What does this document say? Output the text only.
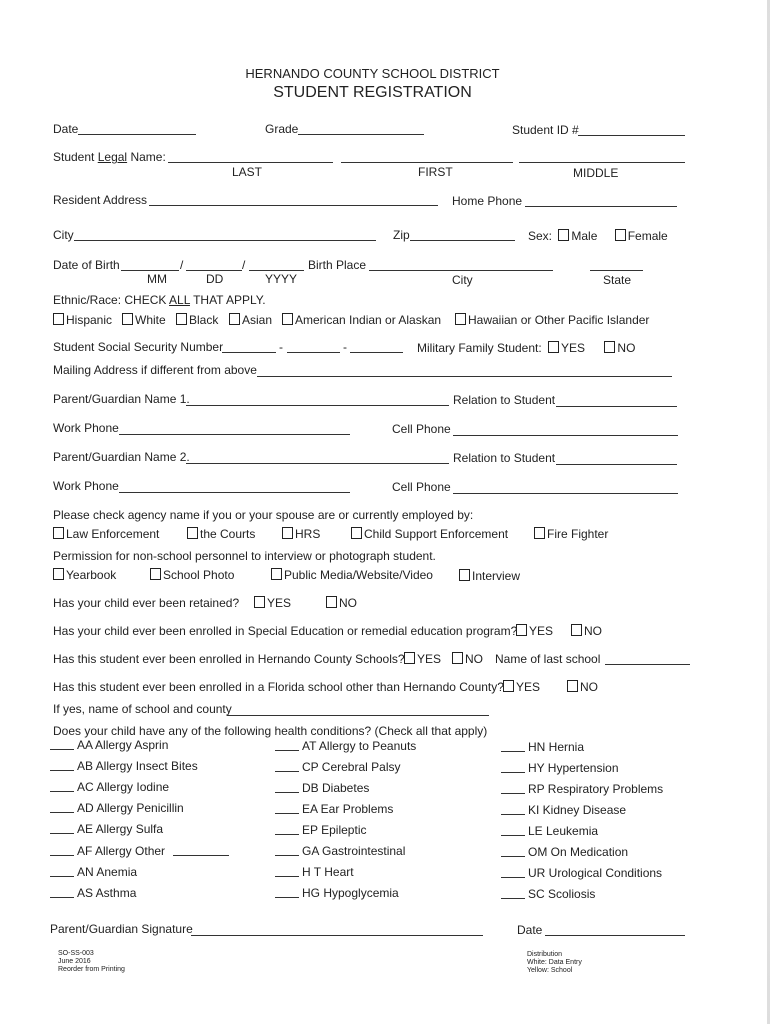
HERNANDO COUNTY SCHOOL DISTRICT
STUDENT REGISTRATION
Date	Grade	Student ID #
Student Legal Name:
LAST	FIRST	MIDDLE
Resident Address	Home Phone
City	Zip	Sex: Male	Female
Date of Birth	/	/
MM	DD	YYYY
Birth Place
City	State
Ethnic/Race: CHECK ALL THAT APPLY.
Hispanic	White	Black	Asian	American Indian or Alaskan	Hawaiian or Other Pacific Islander
Student Social Security Number	-	-	Military Family Student: YES	NO
Mailing Address if different from above
Parent/Guardian Name 1.	Relation to Student
Work Phone	Cell Phone
Parent/Guardian Name 2.	Relation to Student
Work Phone	Cell Phone
Please check agency name if you or your spouse are or currently employed by:
Law Enforcement	the Courts	HRS	Child Support Enforcement	Fire Fighter
Permission for non-school personnel to interview or photograph student.
Yearbook	School Photo	Public Media/Website/Video	Interview
Has your child ever been retained?	YES	NO
Has your child ever been enrolled in Special Education or remedial education program? YES	NO
Has this student ever been enrolled in Hernando County Schools?	YES	NO Name of last school
Has this student ever been enrolled in a Florida school other than Hernando County?	YES	NO
If yes, name of school and county
Does your child have any of the following health conditions? (Check all that apply)
AA Allergy Asprin
AB Allergy Insect Bites
AC Allergy Iodine
AD Allergy Penicillin
AE Allergy Sulfa
AF Allergy Other
AN Anemia
AS Asthma
AT Allergy to Peanuts
CP Cerebral Palsy
DB Diabetes
EA Ear Problems
EP Epileptic
GA Gastrointestinal
H T Heart
HG Hypoglycemia
HN Hernia
HY Hypertension
RP Respiratory Problems
KI Kidney Disease
LE Leukemia
OM On Medication
UR Urological Conditions
SC Scoliosis
Parent/Guardian Signature	Date
SO-SS-003
June 2016
Reorder from Printing
Distribution
White: Data Entry
Yellow: School
